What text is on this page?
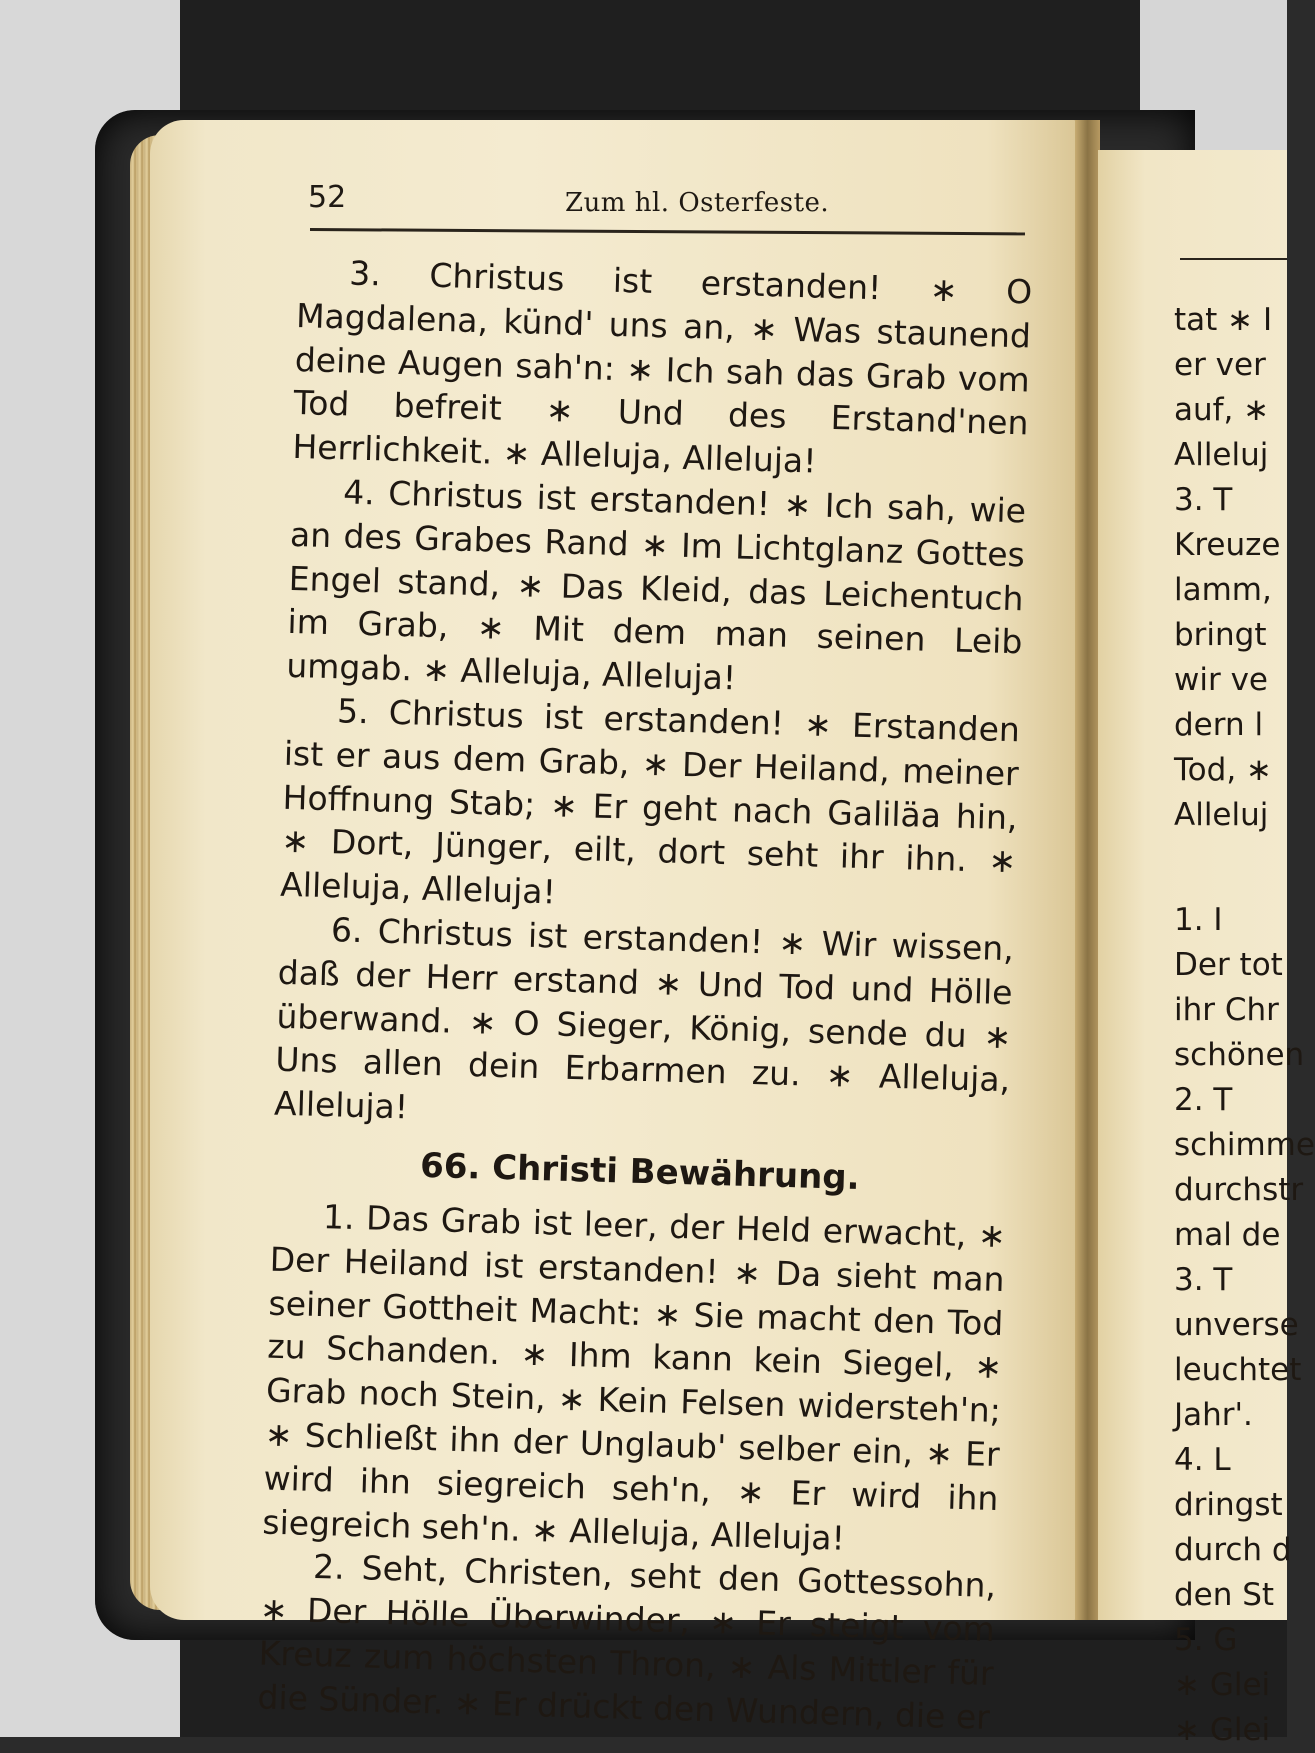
52	Zum hl. Osterfeste.

3. Christus ist erstanden! ∗ O Magdalena, künd' uns an, ∗ Was staunend deine Augen sah'n: ∗ Ich sah das Grab vom Tod befreit ∗ Und des Erstand'nen Herrlichkeit. ∗ Alleluja, Alleluja!

4. Christus ist erstanden! ∗ Ich sah, wie an des Grabes Rand ∗ Im Lichtglanz Gottes Engel stand, ∗ Das Kleid, das Leichentuch im Grab, ∗ Mit dem man seinen Leib umgab. ∗ Alleluja, Alleluja!

5. Christus ist erstanden! ∗ Erstanden ist er aus dem Grab, ∗ Der Heiland, meiner Hoffnung Stab; ∗ Er geht nach Galiläa hin, ∗ Dort, Jünger, eilt, dort seht ihr ihn. ∗ Alleluja, Alleluja!

6. Christus ist erstanden! ∗ Wir wissen, daß der Herr erstand ∗ Und Tod und Hölle überwand. ∗ O Sieger, König, sende du ∗ Uns allen dein Erbarmen zu. ∗ Alleluja, Alleluja!

66. Christi Bewährung.

1. Das Grab ist leer, der Held erwacht, ∗ Der Heiland ist erstanden! ∗ Da sieht man seiner Gottheit Macht: ∗ Sie macht den Tod zu Schanden. ∗ Ihm kann kein Siegel, ∗ Grab noch Stein, ∗ Kein Felsen widersteh'n; ∗ Schließt ihn der Unglaub' selber ein, ∗ Er wird ihn siegreich seh'n, ∗ Er wird ihn siegreich seh'n. ∗ Alleluja, Alleluja!

2. Seht, Christen, seht den Gottessohn, ∗ Der Hölle Überwinder, ∗ Er steigt vom Kreuz zum höchsten Thron, ∗ Als Mittler für die Sünder. ∗ Er drückt den Wundern, die er

tat ∗ I
er ver
auf, ∗
Alleluj
3. T
Kreuze
lamm,
bringt
wir ve
dern l
Tod, ∗
Alleluj
1. I
Der tot
ihr Chr
schönen
2. T
schimme
durchstr
mal de
3. T
unverse
leuchtet
Jahr'.
4. L
dringst
durch d
den St
5. G
∗ Glei
∗ Glei
